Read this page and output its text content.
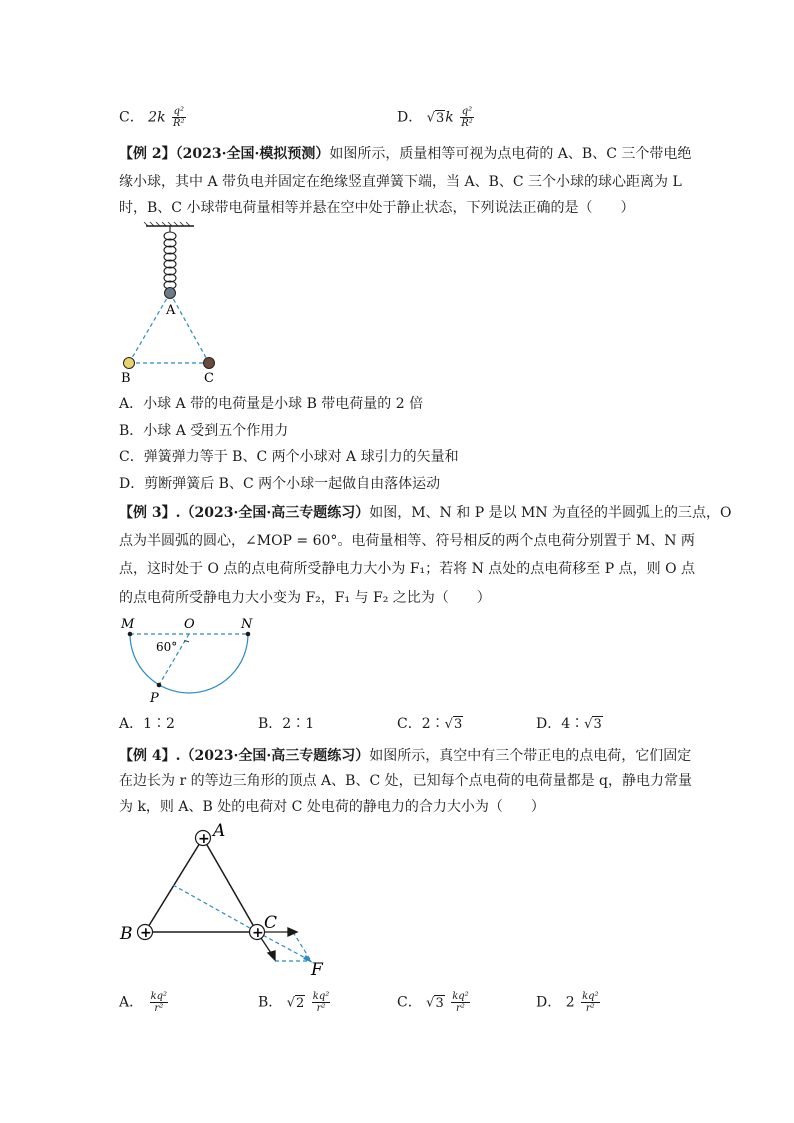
C． $2k \frac{\text{q²}}{\text{R²}}$	D． $√3k \frac{\text{q²}}{\text{R²}}$
【例 2】（2023·全国·模拟预测）如图所示，质量相等可视为点电荷的 A、B、C 三个带电绝
缘小球，其中 A 带负电并固定在绝缘竖直弹簧下端，当 A、B、C 三个小球的球心距离为 L
时，B、C 小球带电荷量相等并悬在空中处于静止状态，下列说法正确的是（　　）
A
B	C
A．小球 A 带的电荷量是小球 B 带电荷量的 2 倍
B．小球 A 受到五个作用力
C．弹簧弹力等于 B、C 两个小球对 A 球引力的矢量和
D．剪断弹簧后 B、C 两个小球一起做自由落体运动
【例 3】.（2023·全国·高三专题练习）如图，M、N 和 P 是以 MN 为直径的半圆弧上的三点，O
点为半圆弧的圆心，∠MOP = 60°。电荷量相等、符号相反的两个点电荷分别置于 M、N 两
点，这时处于 O 点的点电荷所受静电力大小为 F₁；若将 N 点处的点电荷移至 P 点，则 O 点
的点电荷所受静电力大小变为 F₂，F₁ 与 F₂ 之比为（　　）
M	O	N
P
60°
A．1∶2	B．2∶1	C．2∶√3	D．4∶√3
【例 4】.（2023·全国·高三专题练习）如图所示，真空中有三个带正电的点电荷，它们固定
在边长为 r 的等边三角形的顶点 A、B、C 处，已知每个点电荷的电荷量都是 q，静电力常量
为 k，则 A、B 处的电荷对 C 处电荷的静电力的合力大小为（　　）
+
+	+
A
B
C
F
A． $\frac{\text{kq²}}{\text{r²}}$	B． $√2 \frac{\text{kq²}}{\text{r²}}$	C． $√3 \frac{\text{kq²}}{\text{r²}}$	D． $2 \frac{\text{kq²}}{\text{r²}}$
